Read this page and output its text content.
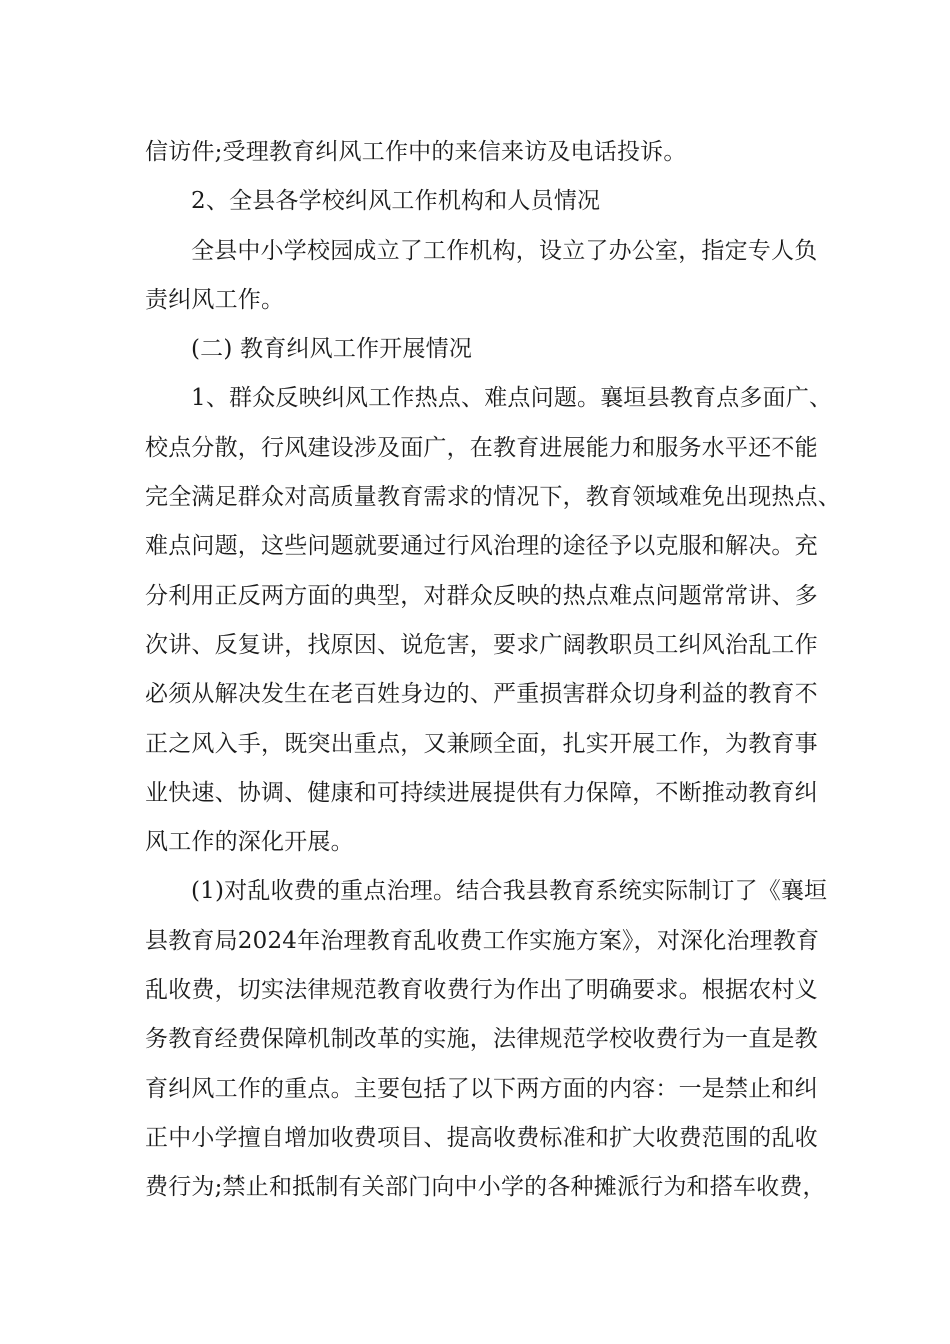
信访件;受理教育纠风工作中的来信来访及电话投诉。
2、全县各学校纠风工作机构和人员情况
全县中小学校园成立了工作机构，设立了办公室，指定专人负
责纠风工作。
(二) 教育纠风工作开展情况
1、群众反映纠风工作热点、难点问题。襄垣县教育点多面广、
校点分散，行风建设涉及面广，在教育进展能力和服务水平还不能
完全满足群众对高质量教育需求的情况下，教育领域难免出现热点、
难点问题，这些问题就要通过行风治理的途径予以克服和解决。充
分利用正反两方面的典型，对群众反映的热点难点问题常常讲、多
次讲、反复讲，找原因、说危害，要求广阔教职员工纠风治乱工作
必须从解决发生在老百姓身边的、严重损害群众切身利益的教育不
正之风入手，既突出重点，又兼顾全面，扎实开展工作，为教育事
业快速、协调、健康和可持续进展提供有力保障，不断推动教育纠
风工作的深化开展。
(1)对乱收费的重点治理。结合我县教育系统实际制订了《襄垣
县教育局2024年治理教育乱收费工作实施方案》，对深化治理教育
乱收费，切实法律规范教育收费行为作出了明确要求。根据农村义
务教育经费保障机制改革的实施，法律规范学校收费行为一直是教
育纠风工作的重点。主要包括了以下两方面的内容：一是禁止和纠
正中小学擅自增加收费项目、提高收费标准和扩大收费范围的乱收
费行为;禁止和抵制有关部门向中小学的各种摊派行为和搭车收费，
